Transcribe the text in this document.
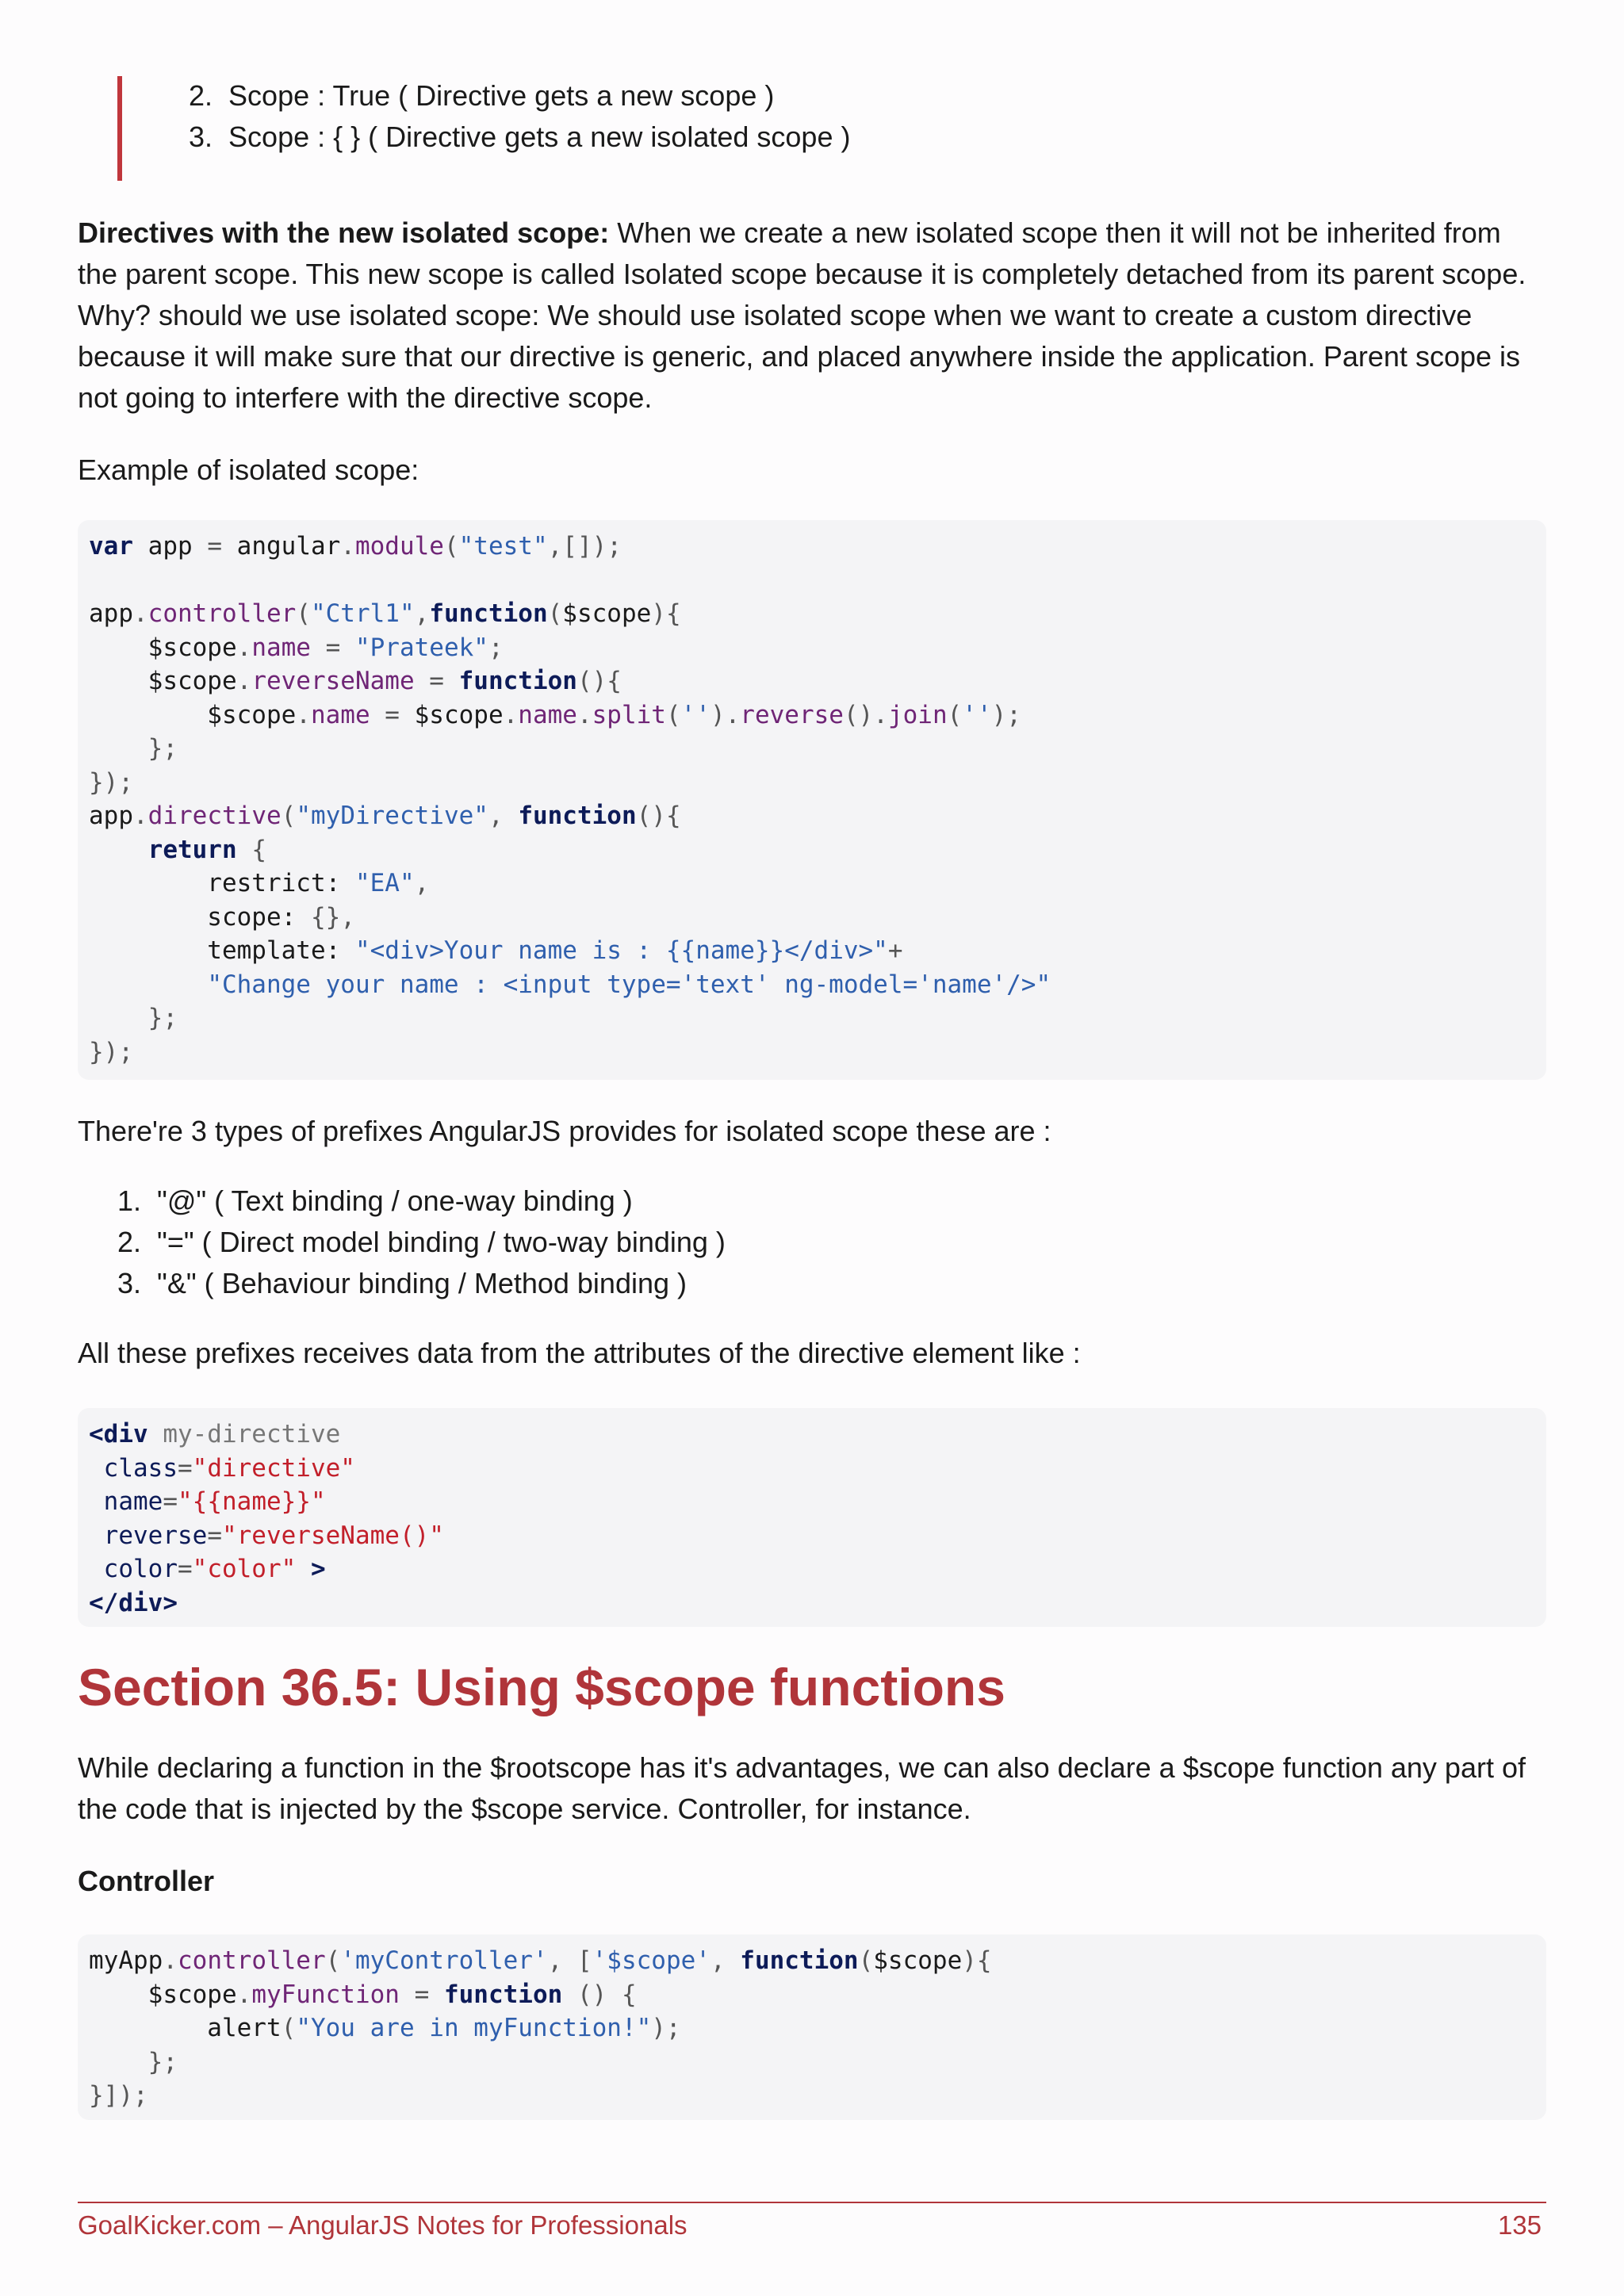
2. Scope : True ( Directive gets a new scope )
3. Scope : { } ( Directive gets a new isolated scope )
Directives with the new isolated scope: When we create a new isolated scope then it will not be inherited from
the parent scope. This new scope is called Isolated scope because it is completely detached from its parent scope.
Why? should we use isolated scope: We should use isolated scope when we want to create a custom directive
because it will make sure that our directive is generic, and placed anywhere inside the application. Parent scope is
not going to interfere with the directive scope.
Example of isolated scope:
var app = angular.module("test",[]);
app.controller("Ctrl1",function($scope){
$scope.name = "Prateek";
$scope.reverseName = function(){
$scope.name = $scope.name.split('').reverse().join('');
};
});
app.directive("myDirective", function(){
return {
restrict: "EA",
scope: {},
template: "<div>Your name is : {{name}}</div>"+
"Change your name : <input type='text' ng-model='name'/>"
};
});
There're 3 types of prefixes AngularJS provides for isolated scope these are :
1. "@" ( Text binding / one-way binding )
2. "=" ( Direct model binding / two-way binding )
3. "&" ( Behaviour binding / Method binding )
All these prefixes receives data from the attributes of the directive element like :
<div my-directive
class="directive"
name="{{name}}"
reverse="reverseName()"
color="color" >
</div>
Section 36.5: Using $scope functions
While declaring a function in the $rootscope has it's advantages, we can also declare a $scope function any part of
the code that is injected by the $scope service. Controller, for instance.
Controller
myApp.controller('myController', ['$scope', function($scope){
$scope.myFunction = function () {
alert("You are in myFunction!");
};
}]);
GoalKicker.com – AngularJS Notes for Professionals	135
